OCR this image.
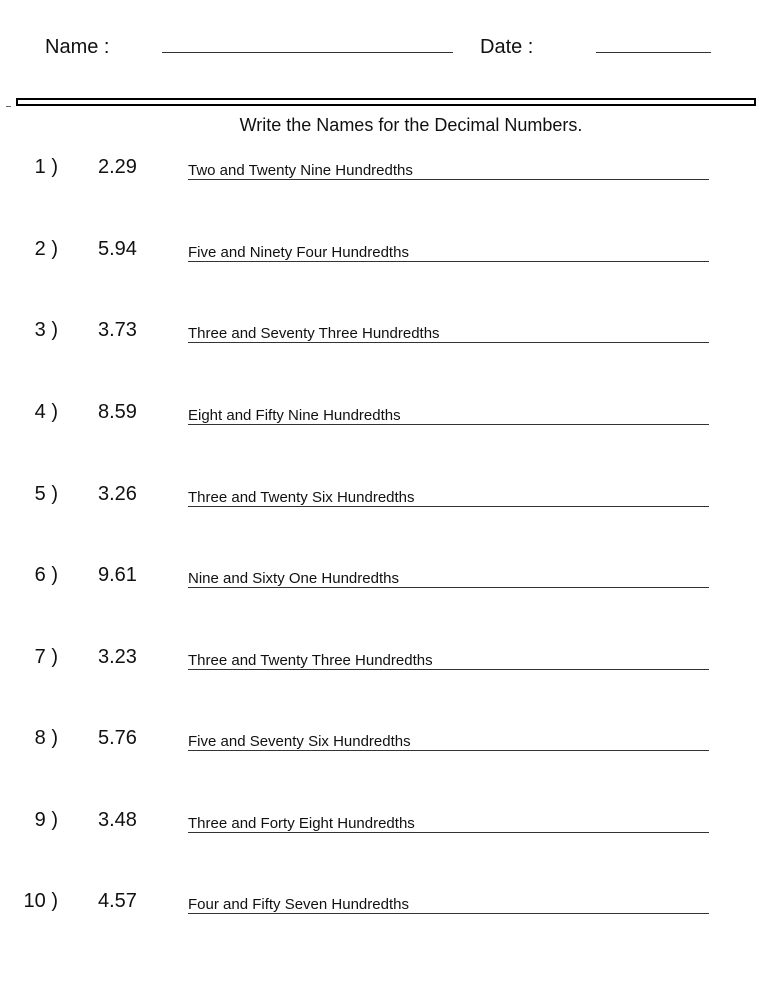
Name :	Date :
Write the Names for the Decimal Numbers.
1 ) 2.29	Two and Twenty Nine Hundredths
2 ) 5.94	Five and Ninety Four Hundredths
3 ) 3.73	Three and Seventy Three Hundredths
4 ) 8.59	Eight and Fifty Nine Hundredths
5 ) 3.26	Three and Twenty Six Hundredths
6 ) 9.61	Nine and Sixty One Hundredths
7 ) 3.23	Three and Twenty Three Hundredths
8 ) 5.76	Five and Seventy Six Hundredths
9 ) 3.48	Three and Forty Eight Hundredths
10 ) 4.57	Four and Fifty Seven Hundredths
